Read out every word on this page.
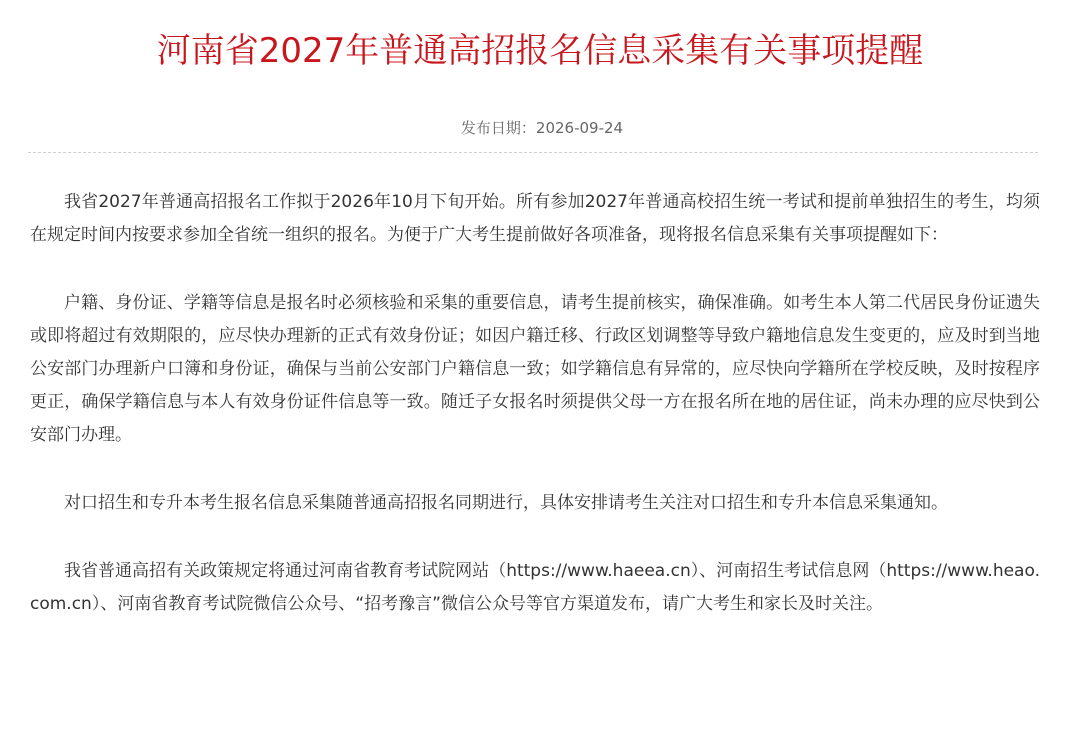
河南省2027年普通高招报名信息采集有关事项提醒
发布日期：2026-09-24

我省2027年普通高招报名工作拟于2026年10月下旬开始。所有参加2027年普通高校招生统一考试和提前单独招生的考生，均须在规定时间内按要求参加全省统一组织的报名。为便于广大考生提前做好各项准备，现将报名信息采集有关事项提醒如下：

户籍、身份证、学籍等信息是报名时必须核验和采集的重要信息，请考生提前核实，确保准确。如考生本人第二代居民身份证遗失或即将超过有效期限的，应尽快办理新的正式有效身份证；如因户籍迁移、行政区划调整等导致户籍地信息发生变更的，应及时到当地公安部门办理新户口簿和身份证，确保与当前公安部门户籍信息一致；如学籍信息有异常的，应尽快向学籍所在学校反映，及时按程序更正，确保学籍信息与本人有效身份证件信息等一致。随迁子女报名时须提供父母一方在报名所在地的居住证，尚未办理的应尽快到公安部门办理。

对口招生和专升本考生报名信息采集随普通高招报名同期进行，具体安排请考生关注对口招生和专升本信息采集通知。

我省普通高招有关政策规定将通过河南省教育考试院网站（https://www.haeea.cn）、河南招生考试信息网（https://www.heao.com.cn）、河南省教育考试院微信公众号、“招考豫言”微信公众号等官方渠道发布，请广大考生和家长及时关注。
